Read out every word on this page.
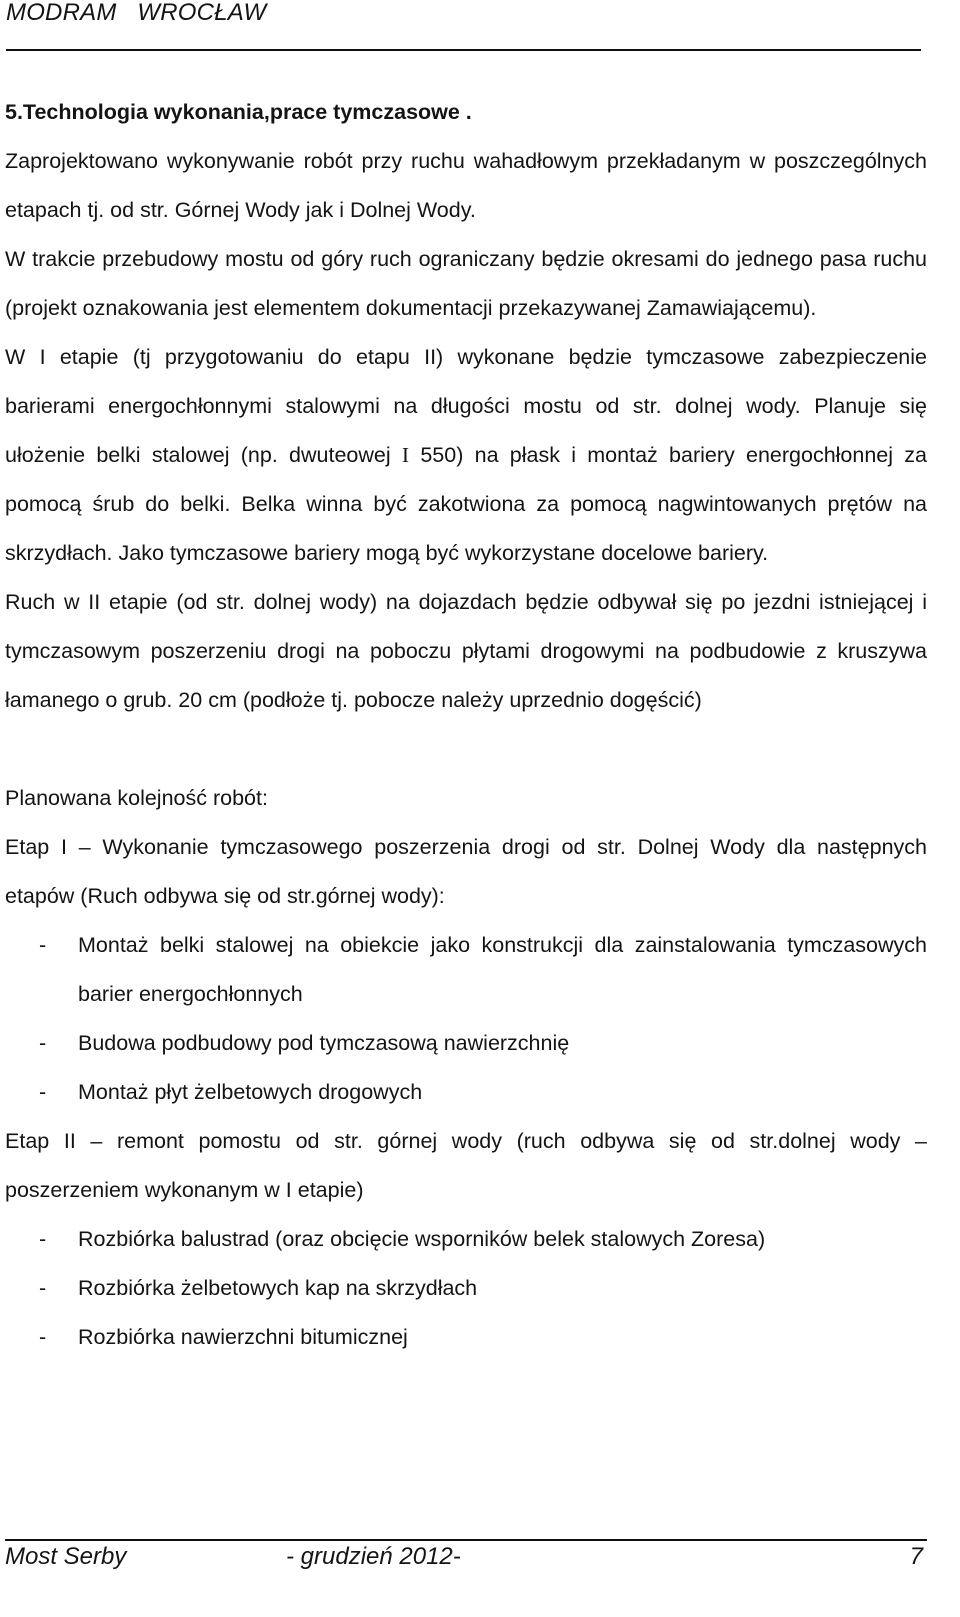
MODRAM WROCŁAW

5.Technologia wykonania,prace tymczasowe .

Zaprojektowano wykonywanie robót przy ruchu wahadłowym przekładanym w poszczególnych etapach tj. od str. Górnej Wody jak i Dolnej Wody.

W trakcie przebudowy mostu od góry ruch ograniczany będzie okresami do jednego pasa ruchu (projekt oznakowania jest elementem dokumentacji przekazywanej Zamawiającemu).

W I etapie (tj przygotowaniu do etapu II) wykonane będzie tymczasowe zabezpieczenie barierami energochłonnymi stalowymi na długości mostu od str. dolnej wody. Planuje się ułożenie belki stalowej (np. dwuteowej I 550) na płask i montaż bariery energochłonnej za pomocą śrub do belki. Belka winna być zakotwiona za pomocą nagwintowanych prętów na skrzydłach. Jako tymczasowe bariery mogą być wykorzystane docelowe bariery.

Ruch w II etapie (od str. dolnej wody) na dojazdach będzie odbywał się po jezdni istniejącej i tymczasowym poszerzeniu drogi na poboczu płytami drogowymi na podbudowie z kruszywa łamanego o grub. 20 cm (podłoże tj. pobocze należy uprzednio dogęścić)

Planowana kolejność robót:

Etap I – Wykonanie tymczasowego poszerzenia drogi od str. Dolnej Wody dla następnych etapów (Ruch odbywa się od str.górnej wody):

- Montaż belki stalowej na obiekcie jako konstrukcji dla zainstalowania tymczasowych barier energochłonnych
- Budowa podbudowy pod tymczasową nawierzchnię
- Montaż płyt żelbetowych drogowych

Etap II – remont pomostu od str. górnej wody (ruch odbywa się od str.dolnej wody – poszerzeniem wykonanym w I etapie)

- Rozbiórka balustrad (oraz obcięcie wsporników belek stalowych Zoresa)
- Rozbiórka żelbetowych kap na skrzydłach
- Rozbiórka nawierzchni bitumicznej
Most Serby	- grudzień 2012-	7
